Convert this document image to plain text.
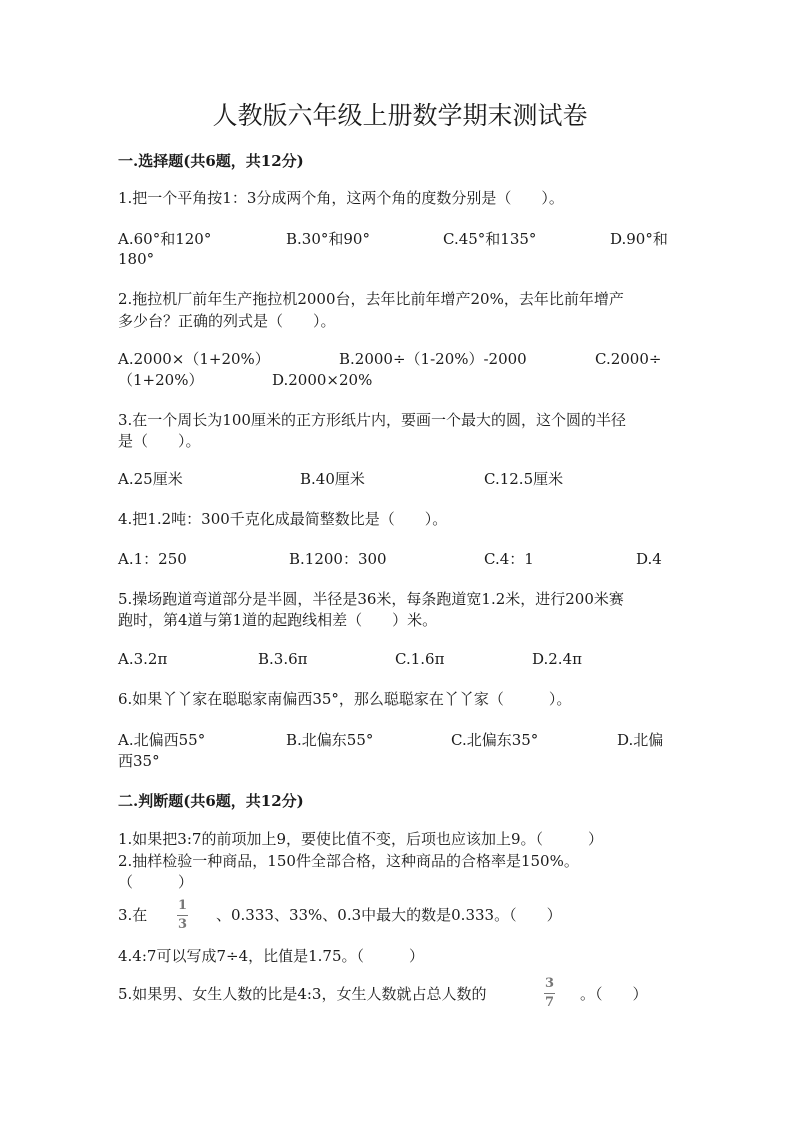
人教版六年级上册数学期末测试卷
一.选择题(共6题，共12分)
1.把一个平角按1：3分成两个角，这两个角的度数分别是（　　）。
A.60°和120°	B.30°和90°	C.45°和135°	D.90°和
180°
2.拖拉机厂前年生产拖拉机2000台，去年比前年增产20%，去年比前年增产
多少台？正确的列式是（　　）。
A.2000×（1+20%）	B.2000÷（1-20%）-2000	C.2000÷
（1+20%）	D.2000×20%
3.在一个周长为100厘米的正方形纸片内，要画一个最大的圆，这个圆的半径
是（　　）。
A.25厘米	B.40厘米	C.12.5厘米
4.把1.2吨：300千克化成最简整数比是（　　）。
A.1：250	B.1200：300	C.4：1	D.4
5.操场跑道弯道部分是半圆，半径是36米，每条跑道宽1.2米，进行200米赛
跑时，第4道与第1道的起跑线相差（　　）米。
A.3.2π	B.3.6π	C.1.6π	D.2.4π
6.如果丫丫家在聪聪家南偏西35°，那么聪聪家在丫丫家（　　　）。
A.北偏西55°	B.北偏东55°	C.北偏东35°	D.北偏
西35°
二.判断题(共6题，共12分)
1.如果把3:7的前项加上9，要使比值不变，后项也应该加上9。（　　　）
2.抽样检验一种商品，150件全部合格，这种商品的合格率是150%。
（　　　）
3.在
1
3
、0.333、33%、0.3中最大的数是0.333。（　　）
4.4:7可以写成7÷4，比值是1.75。（　　　）
5.如果男、女生人数的比是4:3，女生人数就占总人数的
3
7 。（　　）
